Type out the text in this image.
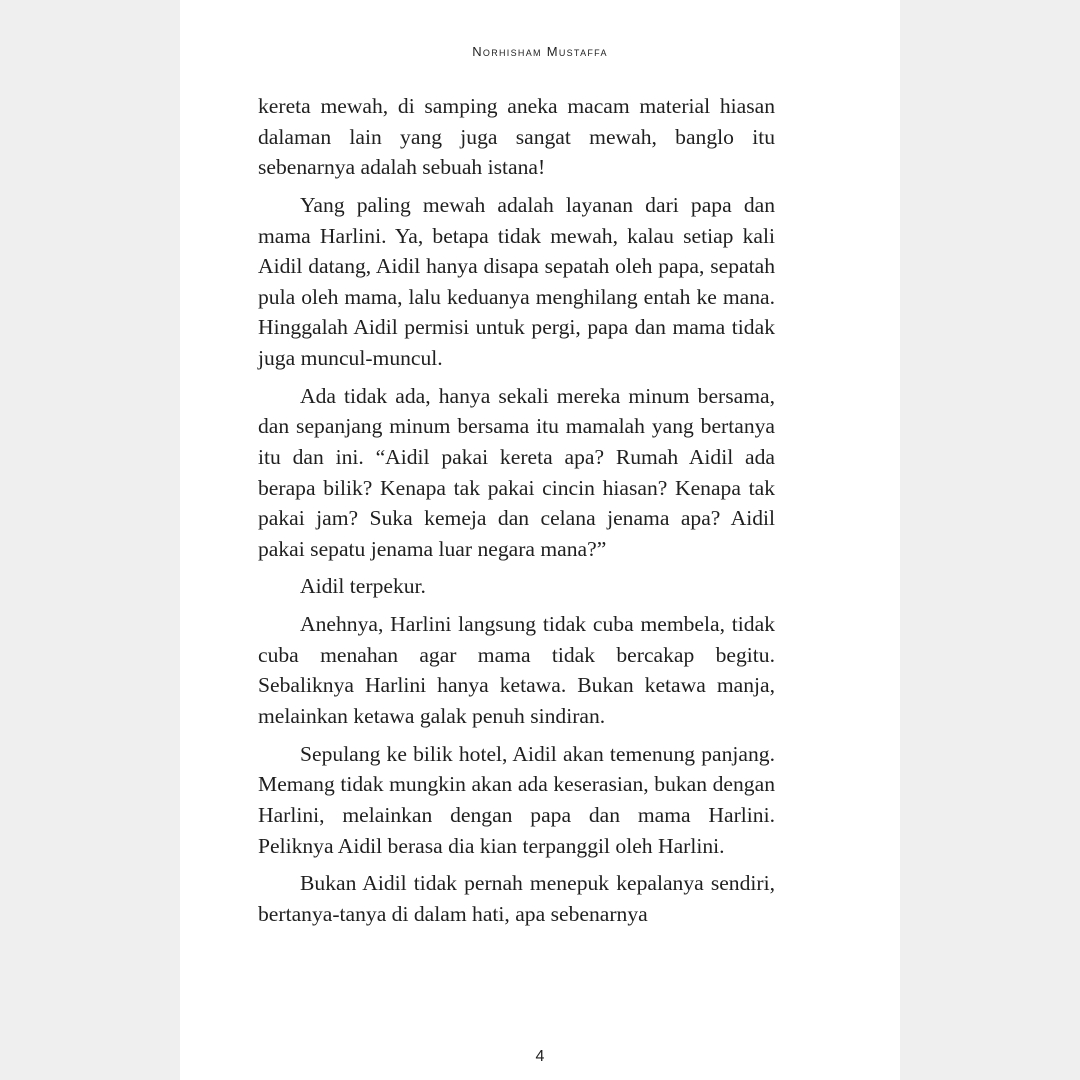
Norhisham Mustaffa

kereta mewah, di samping aneka macam material hiasan dalaman lain yang juga sangat mewah, banglo itu sebenarnya adalah sebuah istana!

Yang paling mewah adalah layanan dari papa dan mama Harlini. Ya, betapa tidak mewah, kalau setiap kali Aidil datang, Aidil hanya disapa sepatah oleh papa, sepatah pula oleh mama, lalu keduanya menghilang entah ke mana. Hinggalah Aidil permisi untuk pergi, papa dan mama tidak juga muncul-muncul.

Ada tidak ada, hanya sekali mereka minum bersama, dan sepanjang minum bersama itu mamalah yang bertanya itu dan ini. “Aidil pakai kereta apa? Rumah Aidil ada berapa bilik? Kenapa tak pakai cincin hiasan? Kenapa tak pakai jam? Suka kemeja dan celana jenama apa? Aidil pakai sepatu jenama luar negara mana?”

Aidil terpekur.

Anehnya, Harlini langsung tidak cuba membela, tidak cuba menahan agar mama tidak bercakap begitu. Sebaliknya Harlini hanya ketawa. Bukan ketawa manja, melainkan ketawa galak penuh sindiran.

Sepulang ke bilik hotel, Aidil akan temenung panjang. Memang tidak mungkin akan ada keserasian, bukan dengan Harlini, melainkan dengan papa dan mama Harlini. Peliknya Aidil berasa dia kian terpanggil oleh Harlini.

Bukan Aidil tidak pernah menepuk kepalanya sendiri, bertanya-tanya di dalam hati, apa sebenarnya

4
